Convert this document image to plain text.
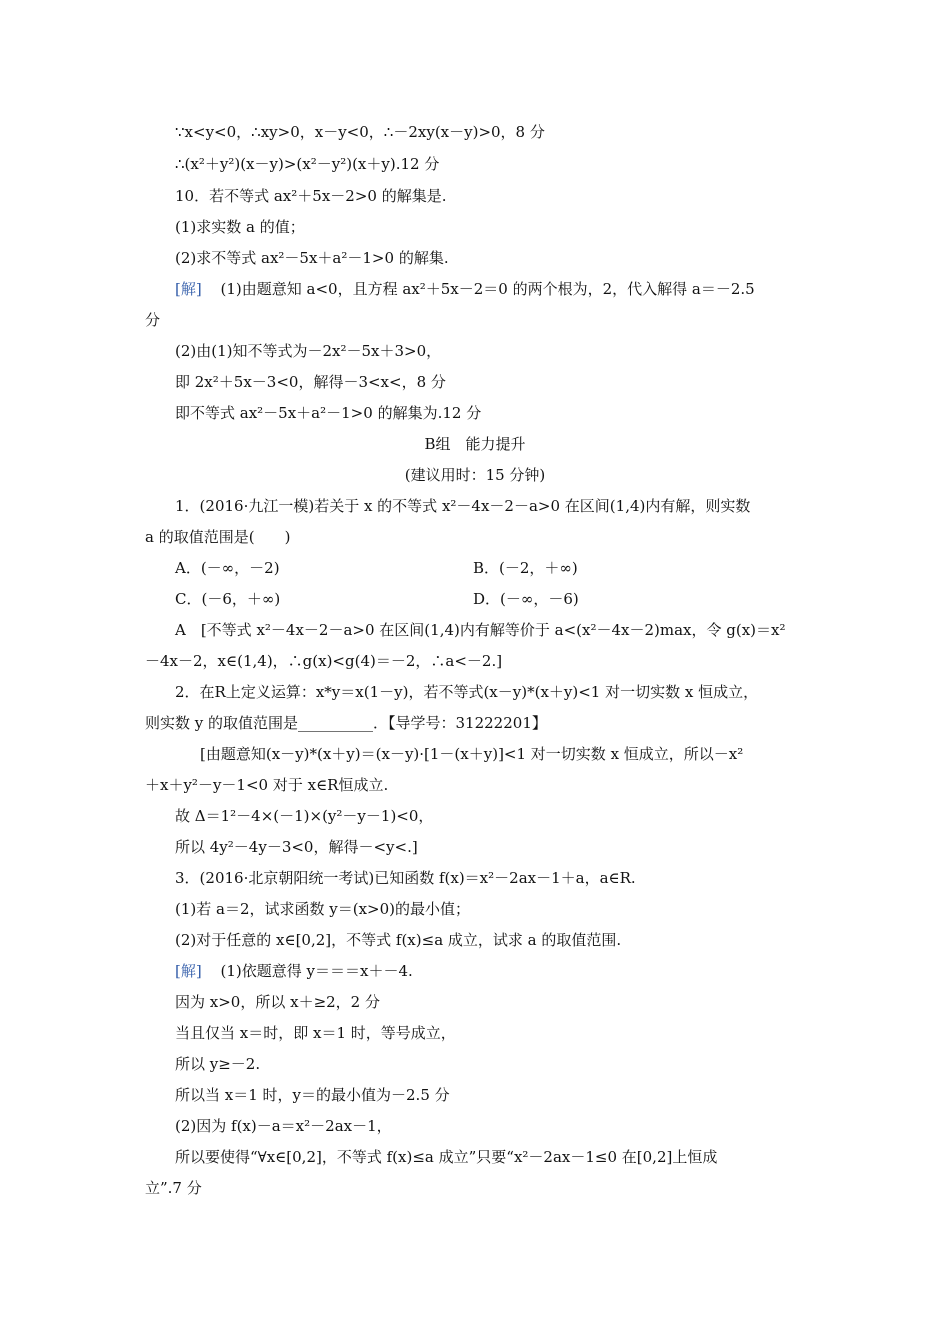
∵x<y<0，∴xy>0，x－y<0，∴－2xy(x－y)>0，8 分
∴(x²＋y²)(x－y)>(x²－y²)(x＋y).12 分
10．若不等式 ax²＋5x－2>0 的解集是.
(1)求实数 a 的值；
(2)求不等式 ax²－5x＋a²－1>0 的解集.
[解] (1)由题意知 a<0，且方程 ax²＋5x－2＝0 的两个根为，2，代入解得 a＝－2.5
分
(2)由(1)知不等式为－2x²－5x＋3>0，
即 2x²＋5x－3<0，解得－3<x<，8 分
即不等式 ax²－5x＋a²－1>0 的解集为.12 分
B组　能力提升
(建议用时：15 分钟)
1．(2016·九江一模)若关于 x 的不等式 x²－4x－2－a>0 在区间(1,4)内有解，则实数
a 的取值范围是(　　)
A．(－∞，－2)	B．(－2，＋∞)
C．(－6，＋∞)	D．(－∞，－6)
A　[不等式 x²－4x－2－a>0 在区间(1,4)内有解等价于 a<(x²－4x－2)max，令 g(x)＝x²
－4x－2，x∈(1,4)，∴g(x)<g(4)＝－2，∴a<－2.]
2．在R上定义运算：x*y＝x(1－y)，若不等式(x－y)*(x＋y)<1 对一切实数 x 恒成立，
则实数 y 的取值范围是__________．【导学号：31222201】
[由题意知(x－y)*(x＋y)＝(x－y)·[1－(x＋y)]<1 对一切实数 x 恒成立，所以－x²
＋x＋y²－y－1<0 对于 x∈R恒成立.
故 Δ＝1²－4×(－1)×(y²－y－1)<0，
所以 4y²－4y－3<0，解得－<y<.]
3．(2016·北京朝阳统一考试)已知函数 f(x)＝x²－2ax－1＋a，a∈R.
(1)若 a＝2，试求函数 y＝(x>0)的最小值；
(2)对于任意的 x∈[0,2]，不等式 f(x)≤a 成立，试求 a 的取值范围.
[解] (1)依题意得 y＝＝＝x＋－4.
因为 x>0，所以 x＋≥2，2 分
当且仅当 x＝时，即 x＝1 时，等号成立，
所以 y≥－2.
所以当 x＝1 时，y＝的最小值为－2.5 分
(2)因为 f(x)－a＝x²－2ax－1，
所以要使得“∀x∈[0,2]，不等式 f(x)≤a 成立”只要“x²－2ax－1≤0 在[0,2]上恒成
立”.7 分
